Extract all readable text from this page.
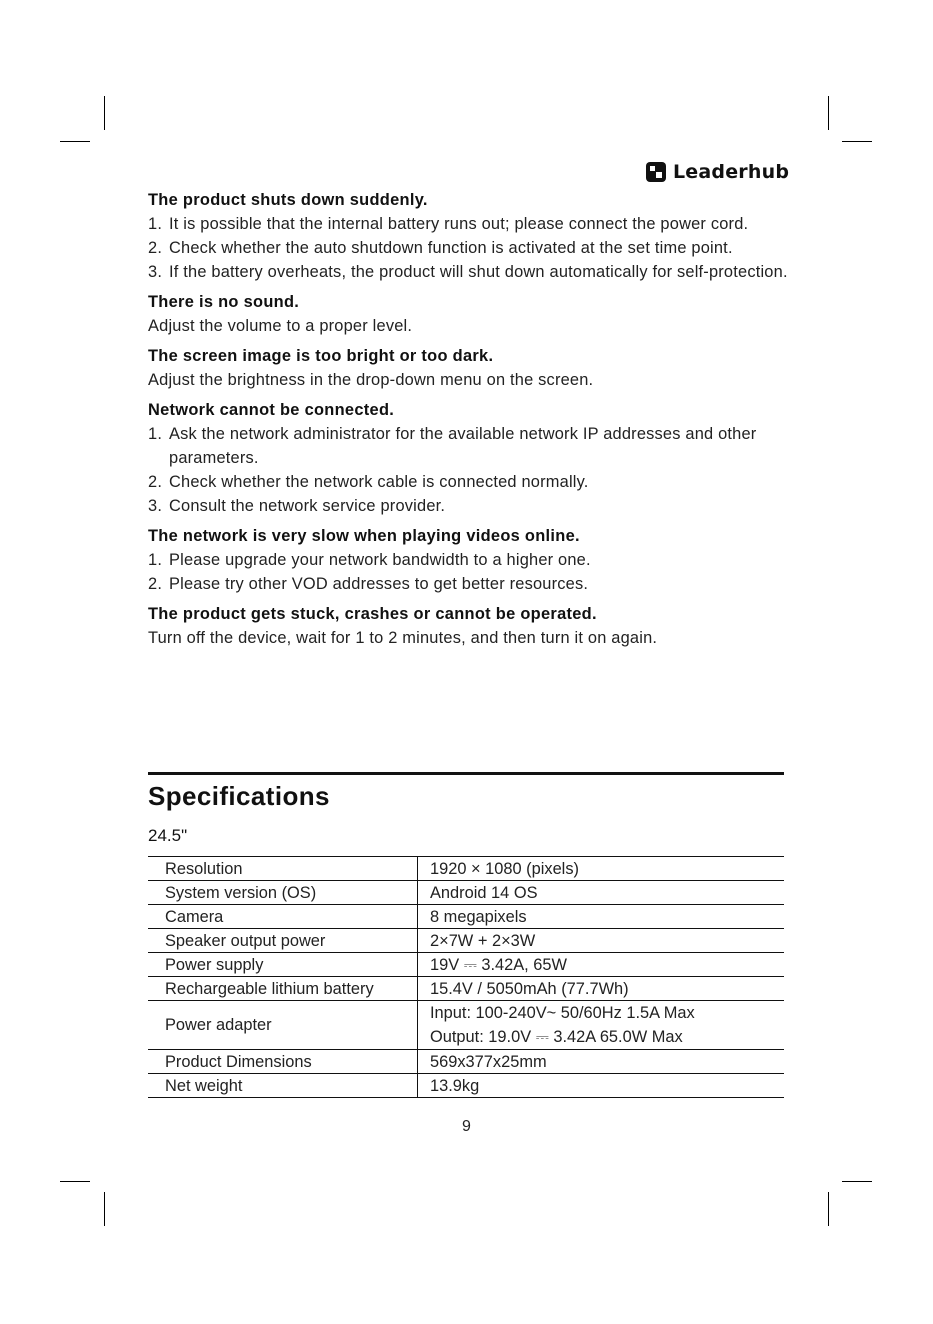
Leaderhub
The product shuts down suddenly.
1. It is possible that the internal battery runs out; please connect the power cord.
2. Check whether the auto shutdown function is activated at the set time point.
3. If the battery overheats, the product will shut down automatically for self-protection.
There is no sound.
Adjust the volume to a proper level.
The screen image is too bright or too dark.
Adjust the brightness in the drop-down menu on the screen.
Network cannot be connected.
1. Ask the network administrator for the available network IP addresses and other parameters.
2. Check whether the network cable is connected normally.
3. Consult the network service provider.
The network is very slow when playing videos online.
1. Please upgrade your network bandwidth to a higher one.
2. Please try other VOD addresses to get better resources.
The product gets stuck, crashes or cannot be operated.
Turn off the device, wait for 1 to 2 minutes, and then turn it on again.
Specifications
24.5"
Resolution	1920 × 1080 (pixels)
System version (OS)	Android 14 OS
Camera	8 megapixels
Speaker output power	2×7W + 2×3W
Power supply	19V ⎓ 3.42A, 65W
Rechargeable lithium battery	15.4V / 5050mAh (77.7Wh)
Power adapter	Input: 100-240V~ 50/60Hz 1.5A Max
Output: 19.0V ⎓ 3.42A 65.0W Max

Product Dimensions	569x377x25mm
Net weight	13.9kg
9
